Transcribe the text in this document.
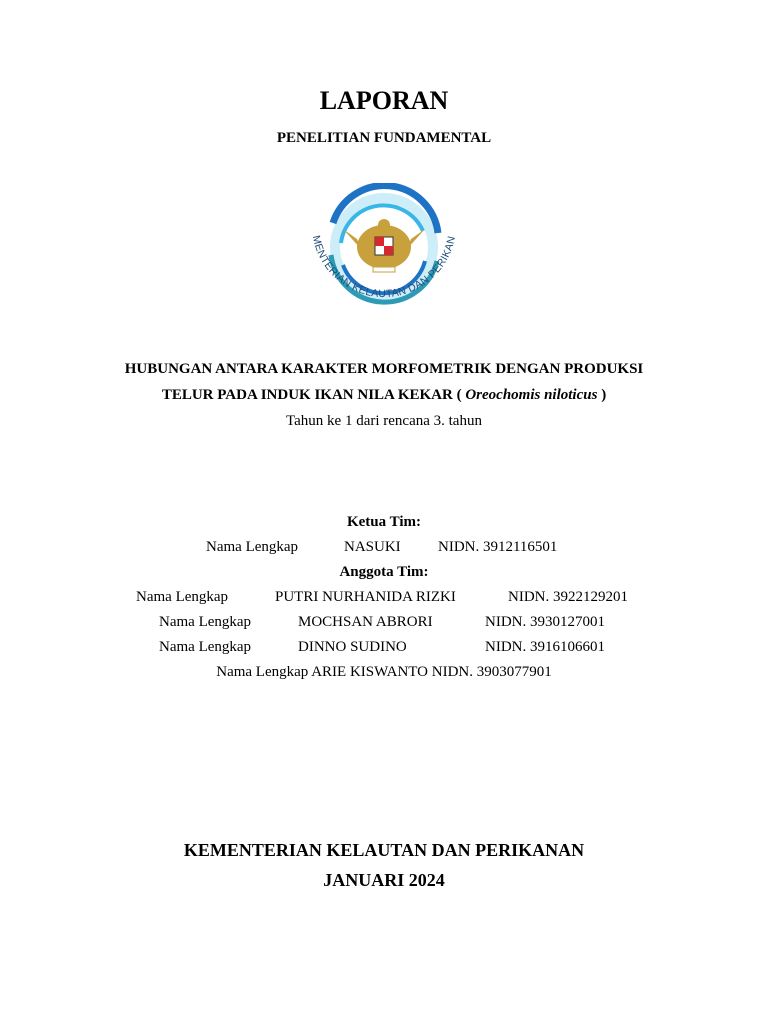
LAPORAN
PENELITIAN FUNDAMENTAL
MENTERIAN KELAUTAN DAN PERIKAN
HUBUNGAN ANTARA KARAKTER MORFOMETRIK DENGAN PRODUKSI
TELUR PADA INDUK IKAN NILA KEKAR ( Oreochomis niloticus )
Tahun ke 1 dari rencana 3. tahun
Ketua Tim:
Nama Lengkap	NASUKI NIDN. 3912116501
Anggota Tim:
Nama Lengkap	PUTRI NURHANIDA RIZKI	NIDN. 3922129201
Nama Lengkap	MOCHSAN ABRORI	NIDN. 3930127001
Nama Lengkap	DINNO SUDINO	NIDN. 3916106601
Nama Lengkap ARIE KISWANTO NIDN. 3903077901
KEMENTERIAN KELAUTAN DAN PERIKANAN
JANUARI 2024
